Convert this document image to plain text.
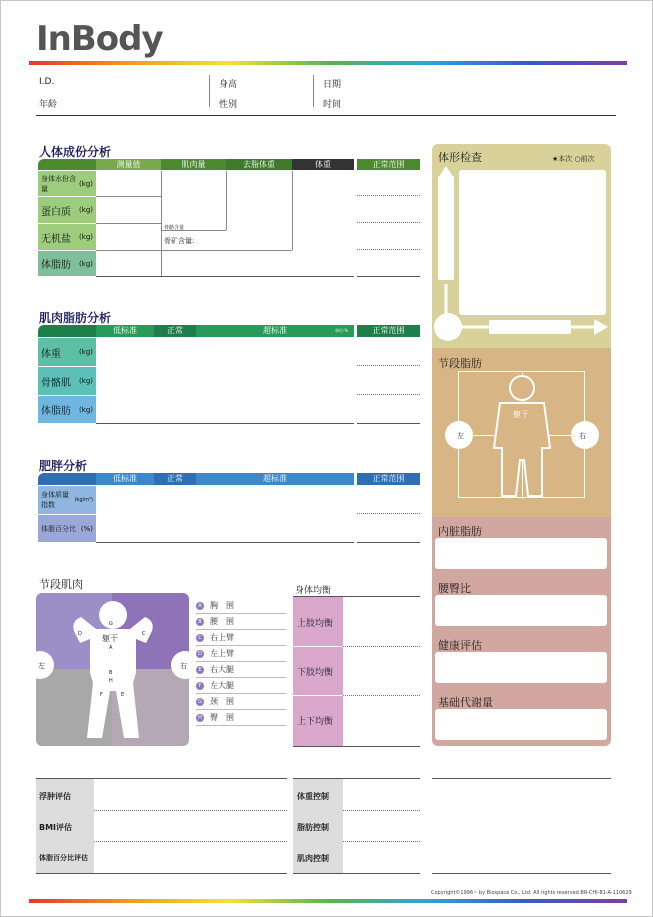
InBody
I.D.
年龄
身高
性别
日期
时间
人体成份分析
测量值	肌肉量	去脂体重	体重	正常范围
身体水份含量
(kg)
蛋白质 (kg)
无机盐 (kg)
体脂肪 (kg)
骨骼含量
骨矿含量:
肌肉脂肪分析
低标准	正常	超标准	单位:%	正常范围
体重	(kg)
骨骼肌 (kg)
体脂肪 (kg)
肥胖分析
低标准	正常	超标准	正常范围
身体质量指数
(kg/m²)
体脂百分比 (%)
节段肌肉
左	右
躯干
G
D	C
A
B
H
F	E
A 胸　围
B 腰　围
C 右上臂
D 左上臂
E	右大腿
F	左大腿
G 颈　围
H 臀　围
身体均衡
上肢均衡
下肢均衡
上下均衡
体形检查	★本次 ○前次
节段脂肪
左	右
躯干
内脏脂肪
腰臀比
健康评估
基础代谢量
浮肿评估
BMI评估
体脂百分比评估
体重控制
脂肪控制
肌肉控制
Copyright©1996~ by Biospace Co., Ltd. All rights reserved.BR-CHI-81-A-110629
